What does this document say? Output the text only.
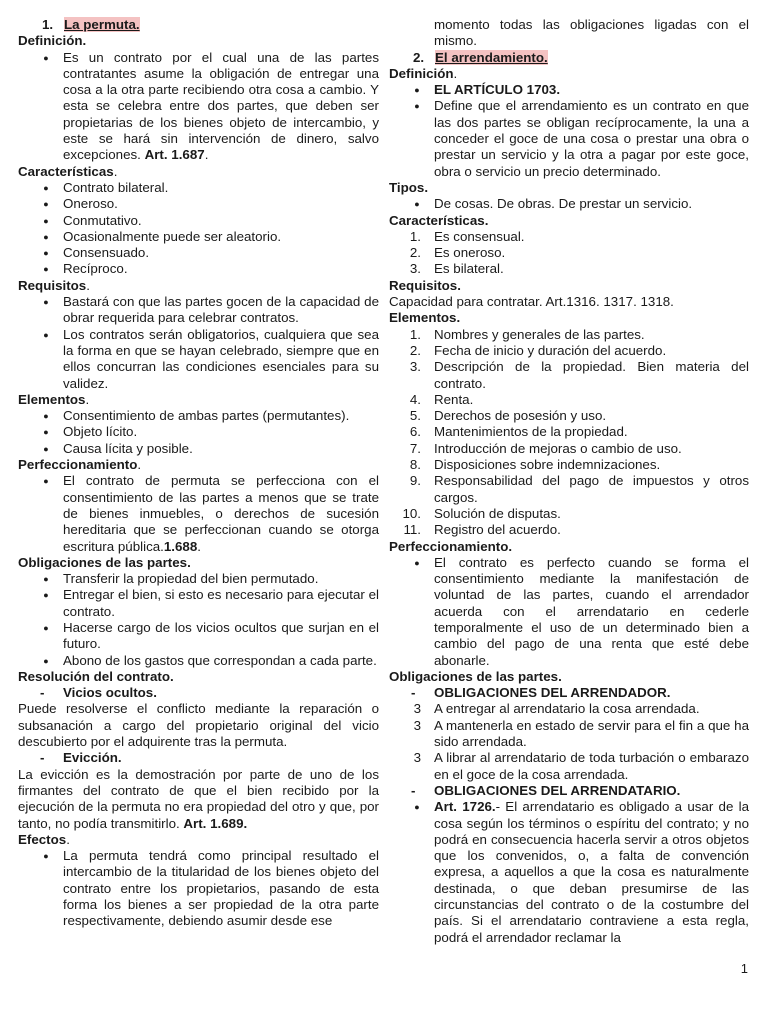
1. La permuta.

Definición.

●	Es un contrato por el cual una de las partes contratantes asume la obligación de entregar una cosa a la otra parte recibiendo otra cosa a cambio. Y esta se celebra entre dos partes, que deben ser propietarias de los bienes objeto de intercambio, y este se hará sin intervención de dinero, salvo excepciones. Art. 1.687.

Características.

●	Contrato bilateral.

●	Oneroso.

●	Conmutativo.

●	Ocasionalmente puede ser aleatorio.

●	Consensuado.

●	Recíproco.

Requisitos.

●	Bastará con que las partes gocen de la capacidad de obrar requerida para celebrar contratos.

●	Los contratos serán obligatorios, cualquiera que sea la forma en que se hayan celebrado, siempre que en ellos concurran las condiciones esenciales para su validez.

Elementos.

●	Consentimiento de ambas partes (permutantes).

●	Objeto lícito.

●	Causa lícita y posible.

Perfeccionamiento.

●	El contrato de permuta se perfecciona con el consentimiento de las partes a menos que se trate de bienes inmuebles, o derechos de sucesión hereditaria que se perfeccionan cuando se otorga escritura pública.1.688.

Obligaciones de las partes.

●	Transferir la propiedad del bien permutado.

●	Entregar el bien, si esto es necesario para ejecutar el contrato.

●	Hacerse cargo de los vicios ocultos que surjan en el futuro.

●	Abono de los gastos que correspondan a cada parte.

Resolución del contrato.

-	Vicios ocultos.

Puede resolverse el conflicto mediante la reparación o subsanación a cargo del propietario original del vicio descubierto por el adquirente tras la permuta.

-	Evicción.

La evicción es la demostración por parte de uno de los firmantes del contrato de que el bien recibido por la ejecución de la permuta no era propiedad del otro y que, por tanto, no podía transmitirlo. Art. 1.689.

Efectos.

●	La permuta tendrá como principal resultado el intercambio de la titularidad de los bienes objeto del contrato entre los propietarios, pasando de esta forma los bienes a ser propiedad de la otra parte respectivamente, debiendo asumir desde ese

momento todas las obligaciones ligadas con el mismo.

2. El arrendamiento.

Definición.

●	EL ARTÍCULO 1703.

●	Define que el arrendamiento es un contrato en que las dos partes se obligan recíprocamente, la una a conceder el goce de una cosa o prestar una obra o prestar un servicio y la otra a pagar por este goce, obra o servicio un precio determinado.

Tipos.

●	De cosas. De obras. De prestar un servicio.

Características.

1. Es consensual.

2. Es oneroso.

3. Es bilateral.

Requisitos.

Capacidad para contratar. Art.1316. 1317. 1318.

Elementos.

1. Nombres y generales de las partes.

2. Fecha de inicio y duración del acuerdo.

3. Descripción de la propiedad. Bien materia del contrato.

4. Renta.

5. Derechos de posesión y uso.

6. Mantenimientos de la propiedad.

7. Introducción de mejoras o cambio de uso.

8. Disposiciones sobre indemnizaciones.

9. Responsabilidad del pago de impuestos y otros cargos.

10. Solución de disputas.

11. Registro del acuerdo.

Perfeccionamiento.

●	El contrato es perfecto cuando se forma el consentimiento mediante la manifestación de voluntad de las partes, cuando el arrendador acuerda con el arrendatario en cederle temporalmente el uso de un determinado bien a cambio del pago de una renta que esté debe abonarle.

Obligaciones de las partes.

-	OBLIGACIONES DEL ARRENDADOR.

3 A entregar al arrendatario la cosa arrendada.

3 A mantenerla en estado de servir para el fin a que ha sido arrendada.

3 A librar al arrendatario de toda turbación o embarazo en el goce de la cosa arrendada.

-	OBLIGACIONES DEL ARRENDATARIO.

●	Art. 1726.- El arrendatario es obligado a usar de la cosa según los términos o espíritu del contrato; y no podrá en consecuencia hacerla servir a otros objetos que los convenidos, o, a falta de convención expresa, a aquellos a que la cosa es naturalmente destinada, o que deban presumirse de las circunstancias del contrato o de la costumbre del país. Si el arrendatario contraviene a esta regla, podrá el arrendador reclamar la

1
